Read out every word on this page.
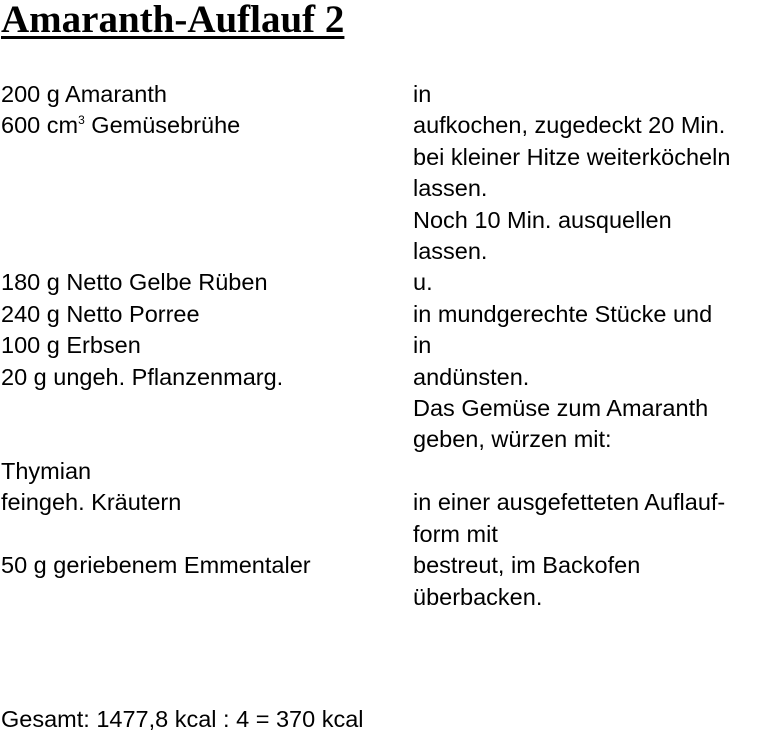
Amaranth-Auflauf 2
200 g Amaranth	in
600 $cm^3$ Gemüsebrühe	aufkochen, zugedeckt 20 Min.
bei kleiner Hitze weiterköcheln
lassen.
Noch 10 Min. ausquellen
lassen.
180 g Netto Gelbe Rüben	u.
240 g Netto Porree	in mundgerechte Stücke und
100 g Erbsen	in
20 g ungeh. Pflanzenmarg.	andünsten.
Das Gemüse zum Amaranth
geben, würzen mit:
Thymian
feingeh. Kräutern	in einer ausgefetteten Auflauf-
form mit
50 g geriebenem Emmentaler	bestreut, im Backofen
überbacken.
Gesamt: 1477,8 kcal : 4 = 370 kcal
